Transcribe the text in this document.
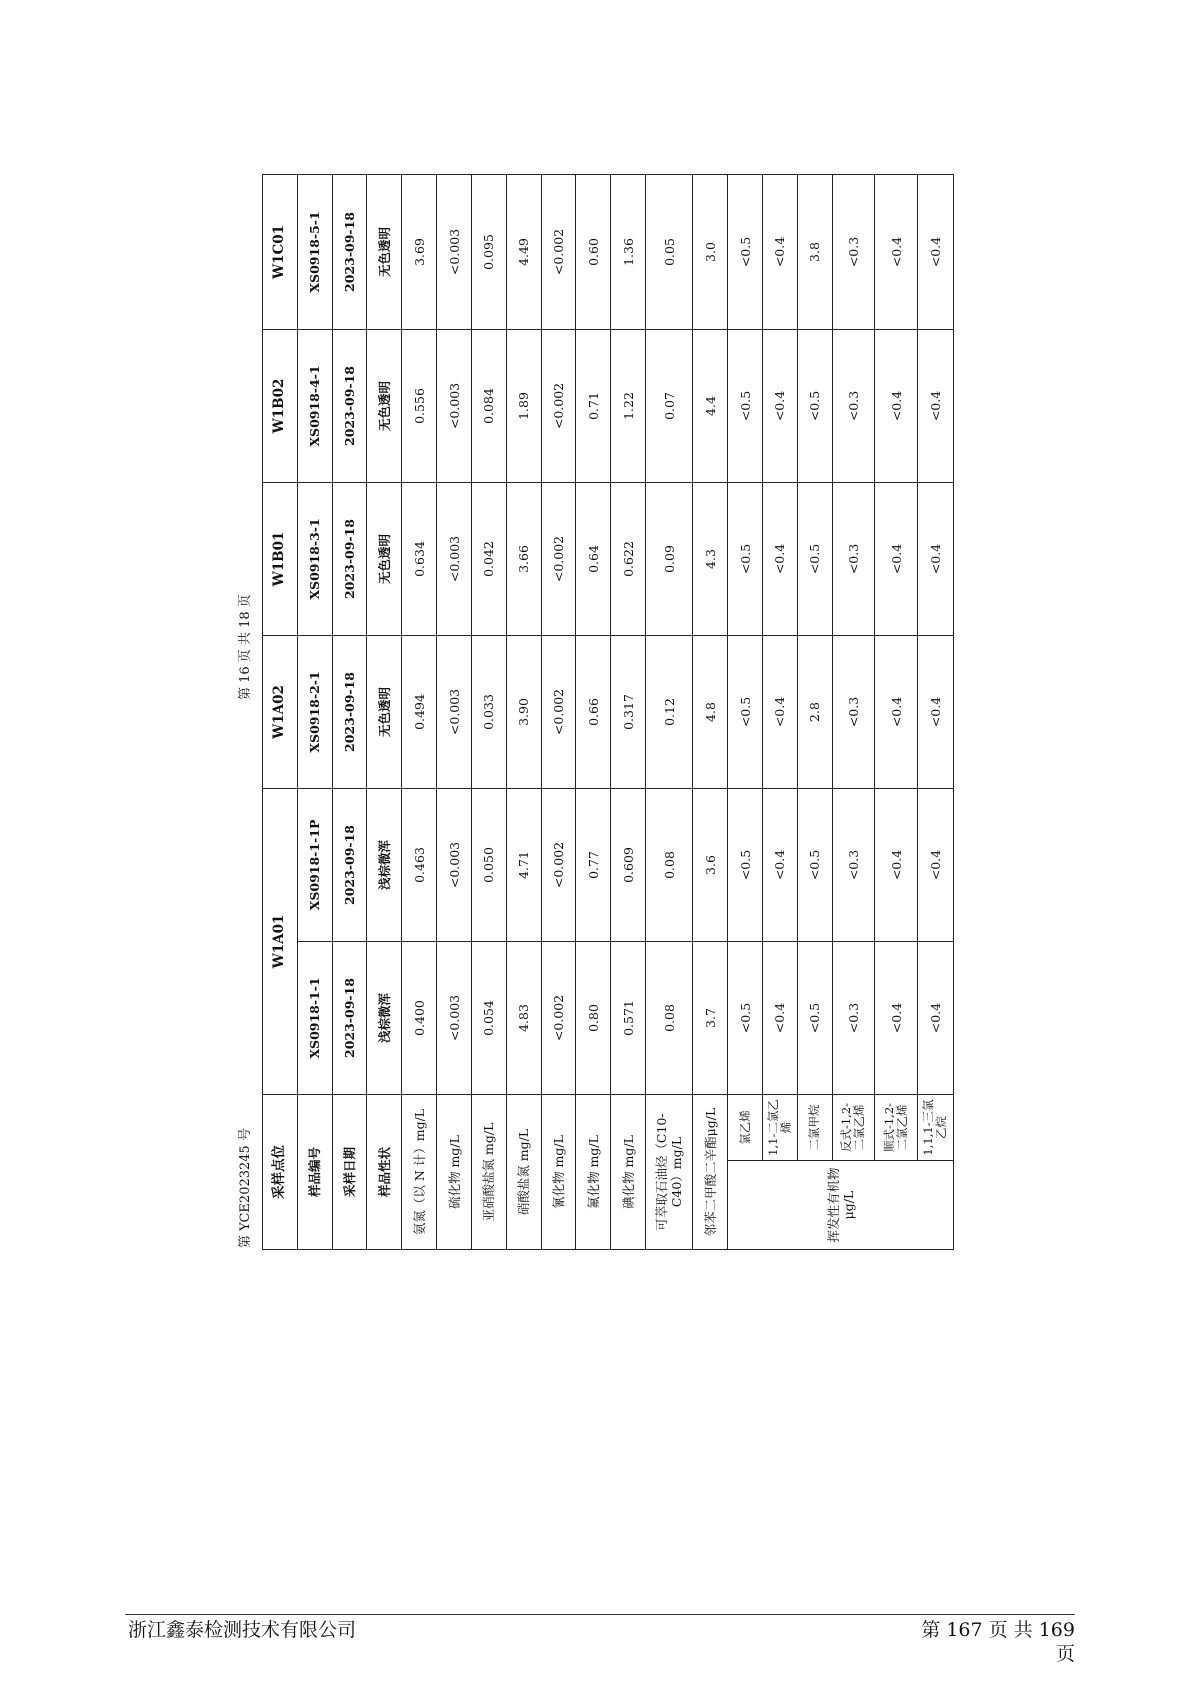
第 YCE2023245 号
第 16 页 共 18 页
采样点位		W1A01		W1A02	W1B01	W1B02	W1C01
样品编号		XS0918-1-1	XS0918-1-1P	XS0918-2-1	XS0918-3-1	XS0918-4-1	XS0918-5-1
采样日期		2023-09-18	2023-09-18	2023-09-18	2023-09-18	2023-09-18	2023-09-18
样品性状		浅棕微浑	浅棕微浑	无色透明	无色透明	无色透明	无色透明
氨氮（以 N 计）mg/L		0.400	0.463	0.494	0.634	0.556	3.69
硫化物 mg/L		<0.003	<0.003	<0.003	<0.003	<0.003	<0.003
亚硝酸盐氮 mg/L		0.054	0.050	0.033	0.042	0.084	0.095
硝酸盐氮 mg/L		4.83	4.71	3.90	3.66	1.89	4.49
氰化物 mg/L		<0.002	<0.002	<0.002	<0.002	<0.002	<0.002
氟化物 mg/L		0.80	0.77	0.66	0.64	0.71	0.60
碘化物 mg/L		0.571	0.609	0.317	0.622	1.22	1.36
可萃取石油烃（C10-C40）mg/L		0.08	0.08	0.12	0.09	0.07	0.05
邻苯二甲酸二辛酯μg/L		3.7	3.6	4.8	4.3	4.4	3.0
挥发性有机物μg/L	氯乙烯	<0.5	<0.5	<0.5	<0.5	<0.5	<0.5
	1,1-二氯乙烯	<0.4	<0.4	<0.4	<0.4	<0.4	<0.4
	二氯甲烷	<0.5	<0.5	2.8	<0.5	<0.5	3.8
	反式-1,2-二氯乙烯	<0.3	<0.3	<0.3	<0.3	<0.3	<0.3
	顺式-1,2-二氯乙烯	<0.4	<0.4	<0.4	<0.4	<0.4	<0.4
	1,1,1-三氯乙烷	<0.4	<0.4	<0.4	<0.4	<0.4	<0.4
浙江鑫泰检测技术有限公司	第 167 页 共 169 页
